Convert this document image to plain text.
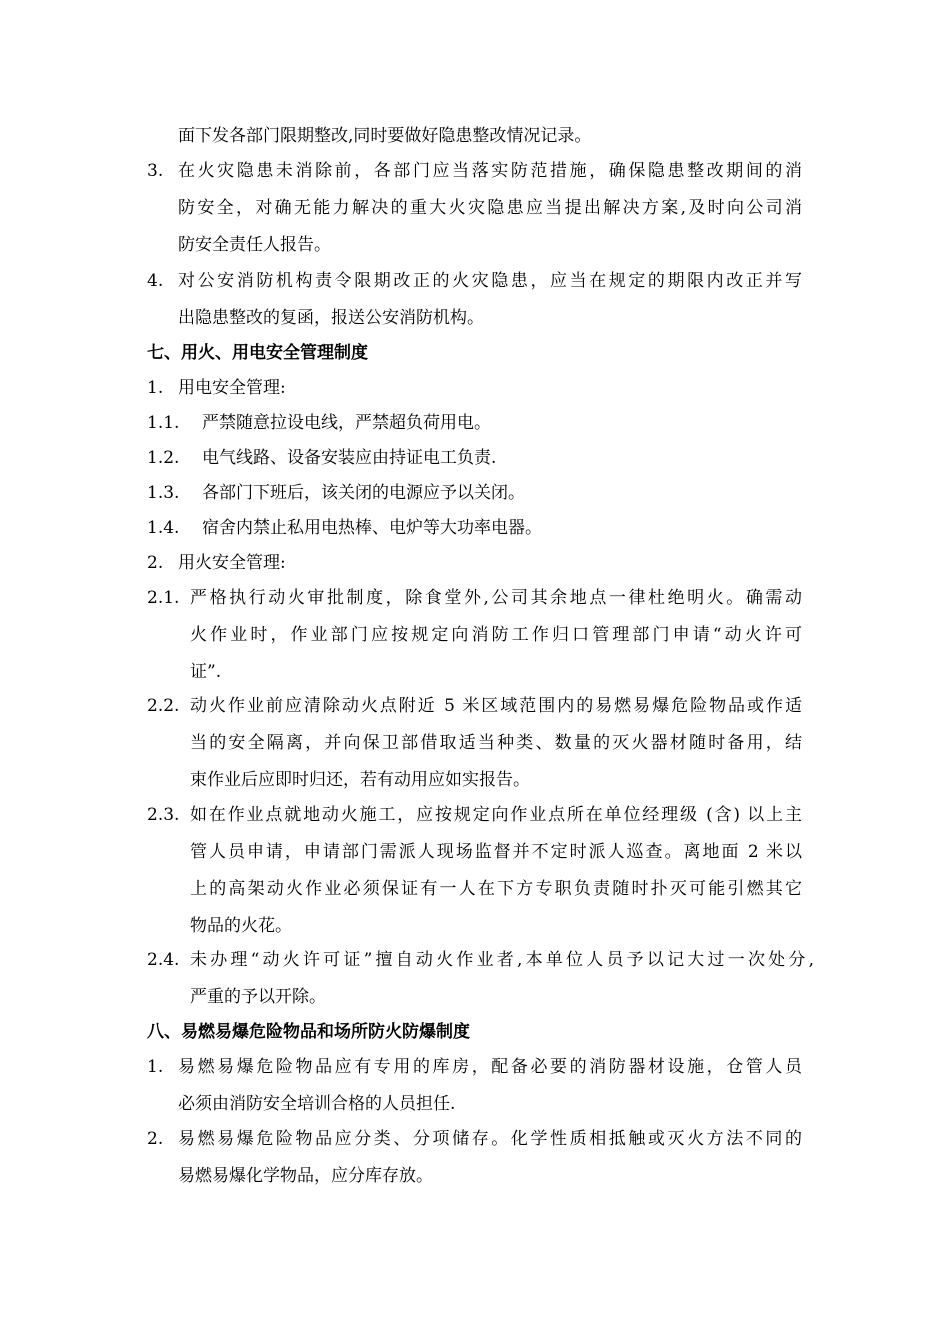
面下发各部门限期整改,同时要做好隐患整改情况记录。
3. 在火灾隐患未消除前，各部门应当落实防范措施，确保隐患整改期间的消
防安全，对确无能力解决的重大火灾隐患应当提出解决方案,及时向公司消
防安全责任人报告。
4. 对公安消防机构责令限期改正的火灾隐患，应当在规定的期限内改正并写
出隐患整改的复函，报送公安消防机构。
七、用火、用电安全管理制度
1. 用电安全管理:
1.1. 严禁随意拉设电线，严禁超负荷用电。
1.2. 电气线路、设备安装应由持证电工负责.
1.3. 各部门下班后，该关闭的电源应予以关闭。
1.4. 宿舍内禁止私用电热棒、电炉等大功率电器。
2. 用火安全管理:
2.1. 严格执行动火审批制度，除食堂外,公司其余地点一律杜绝明火。确需动
火作业时，作业部门应按规定向消防工作归口管理部门申请“动火许可
证”.
2.2. 动火作业前应清除动火点附近 5 米区域范围内的易燃易爆危险物品或作适
当的安全隔离，并向保卫部借取适当种类、数量的灭火器材随时备用，结
束作业后应即时归还，若有动用应如实报告。
2.3. 如在作业点就地动火施工，应按规定向作业点所在单位经理级 (含) 以上主
管人员申请，申请部门需派人现场监督并不定时派人巡查。离地面 2 米以
上的高架动火作业必须保证有一人在下方专职负责随时扑灭可能引燃其它
物品的火花。
2.4. 未办理“动火许可证”擅自动火作业者,本单位人员予以记大过一次处分,
严重的予以开除。
八、易燃易爆危险物品和场所防火防爆制度
1. 易燃易爆危险物品应有专用的库房，配备必要的消防器材设施，仓管人员
必须由消防安全培训合格的人员担任.
2. 易燃易爆危险物品应分类、分项储存。化学性质相抵触或灭火方法不同的
易燃易爆化学物品，应分库存放。
